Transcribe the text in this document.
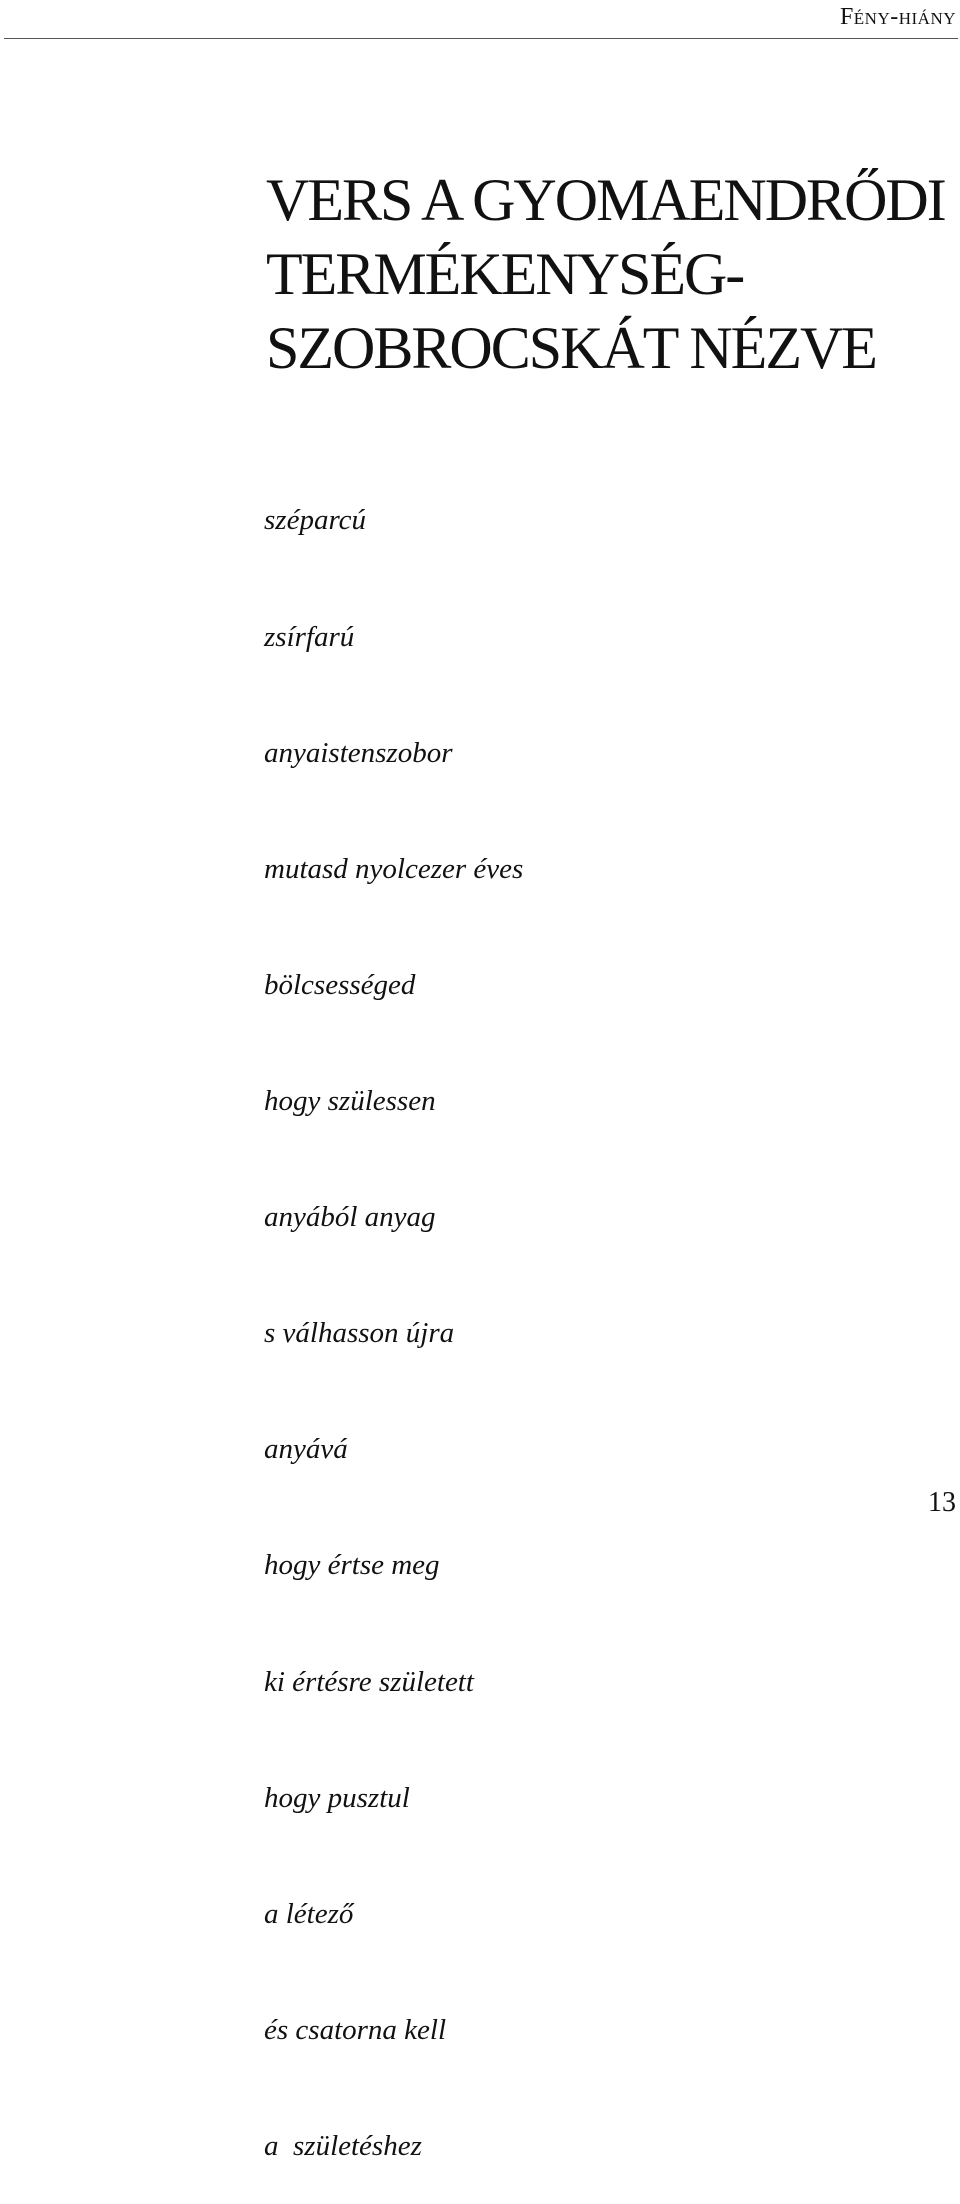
Fény-hiány
VERS A GYOMAENDRŐDI
TERMÉKENYSÉG-
SZOBROCSKÁT NÉZVE

széparcú

zsírfarú

anyaistenszobor

mutasd nyolcezer éves

bölcsességed

hogy szülessen

anyából anyag

s válhasson újra

anyává

hogy értse meg

ki értésre született

hogy pusztul

a létező

és csatorna kell

a  születéshez

13
